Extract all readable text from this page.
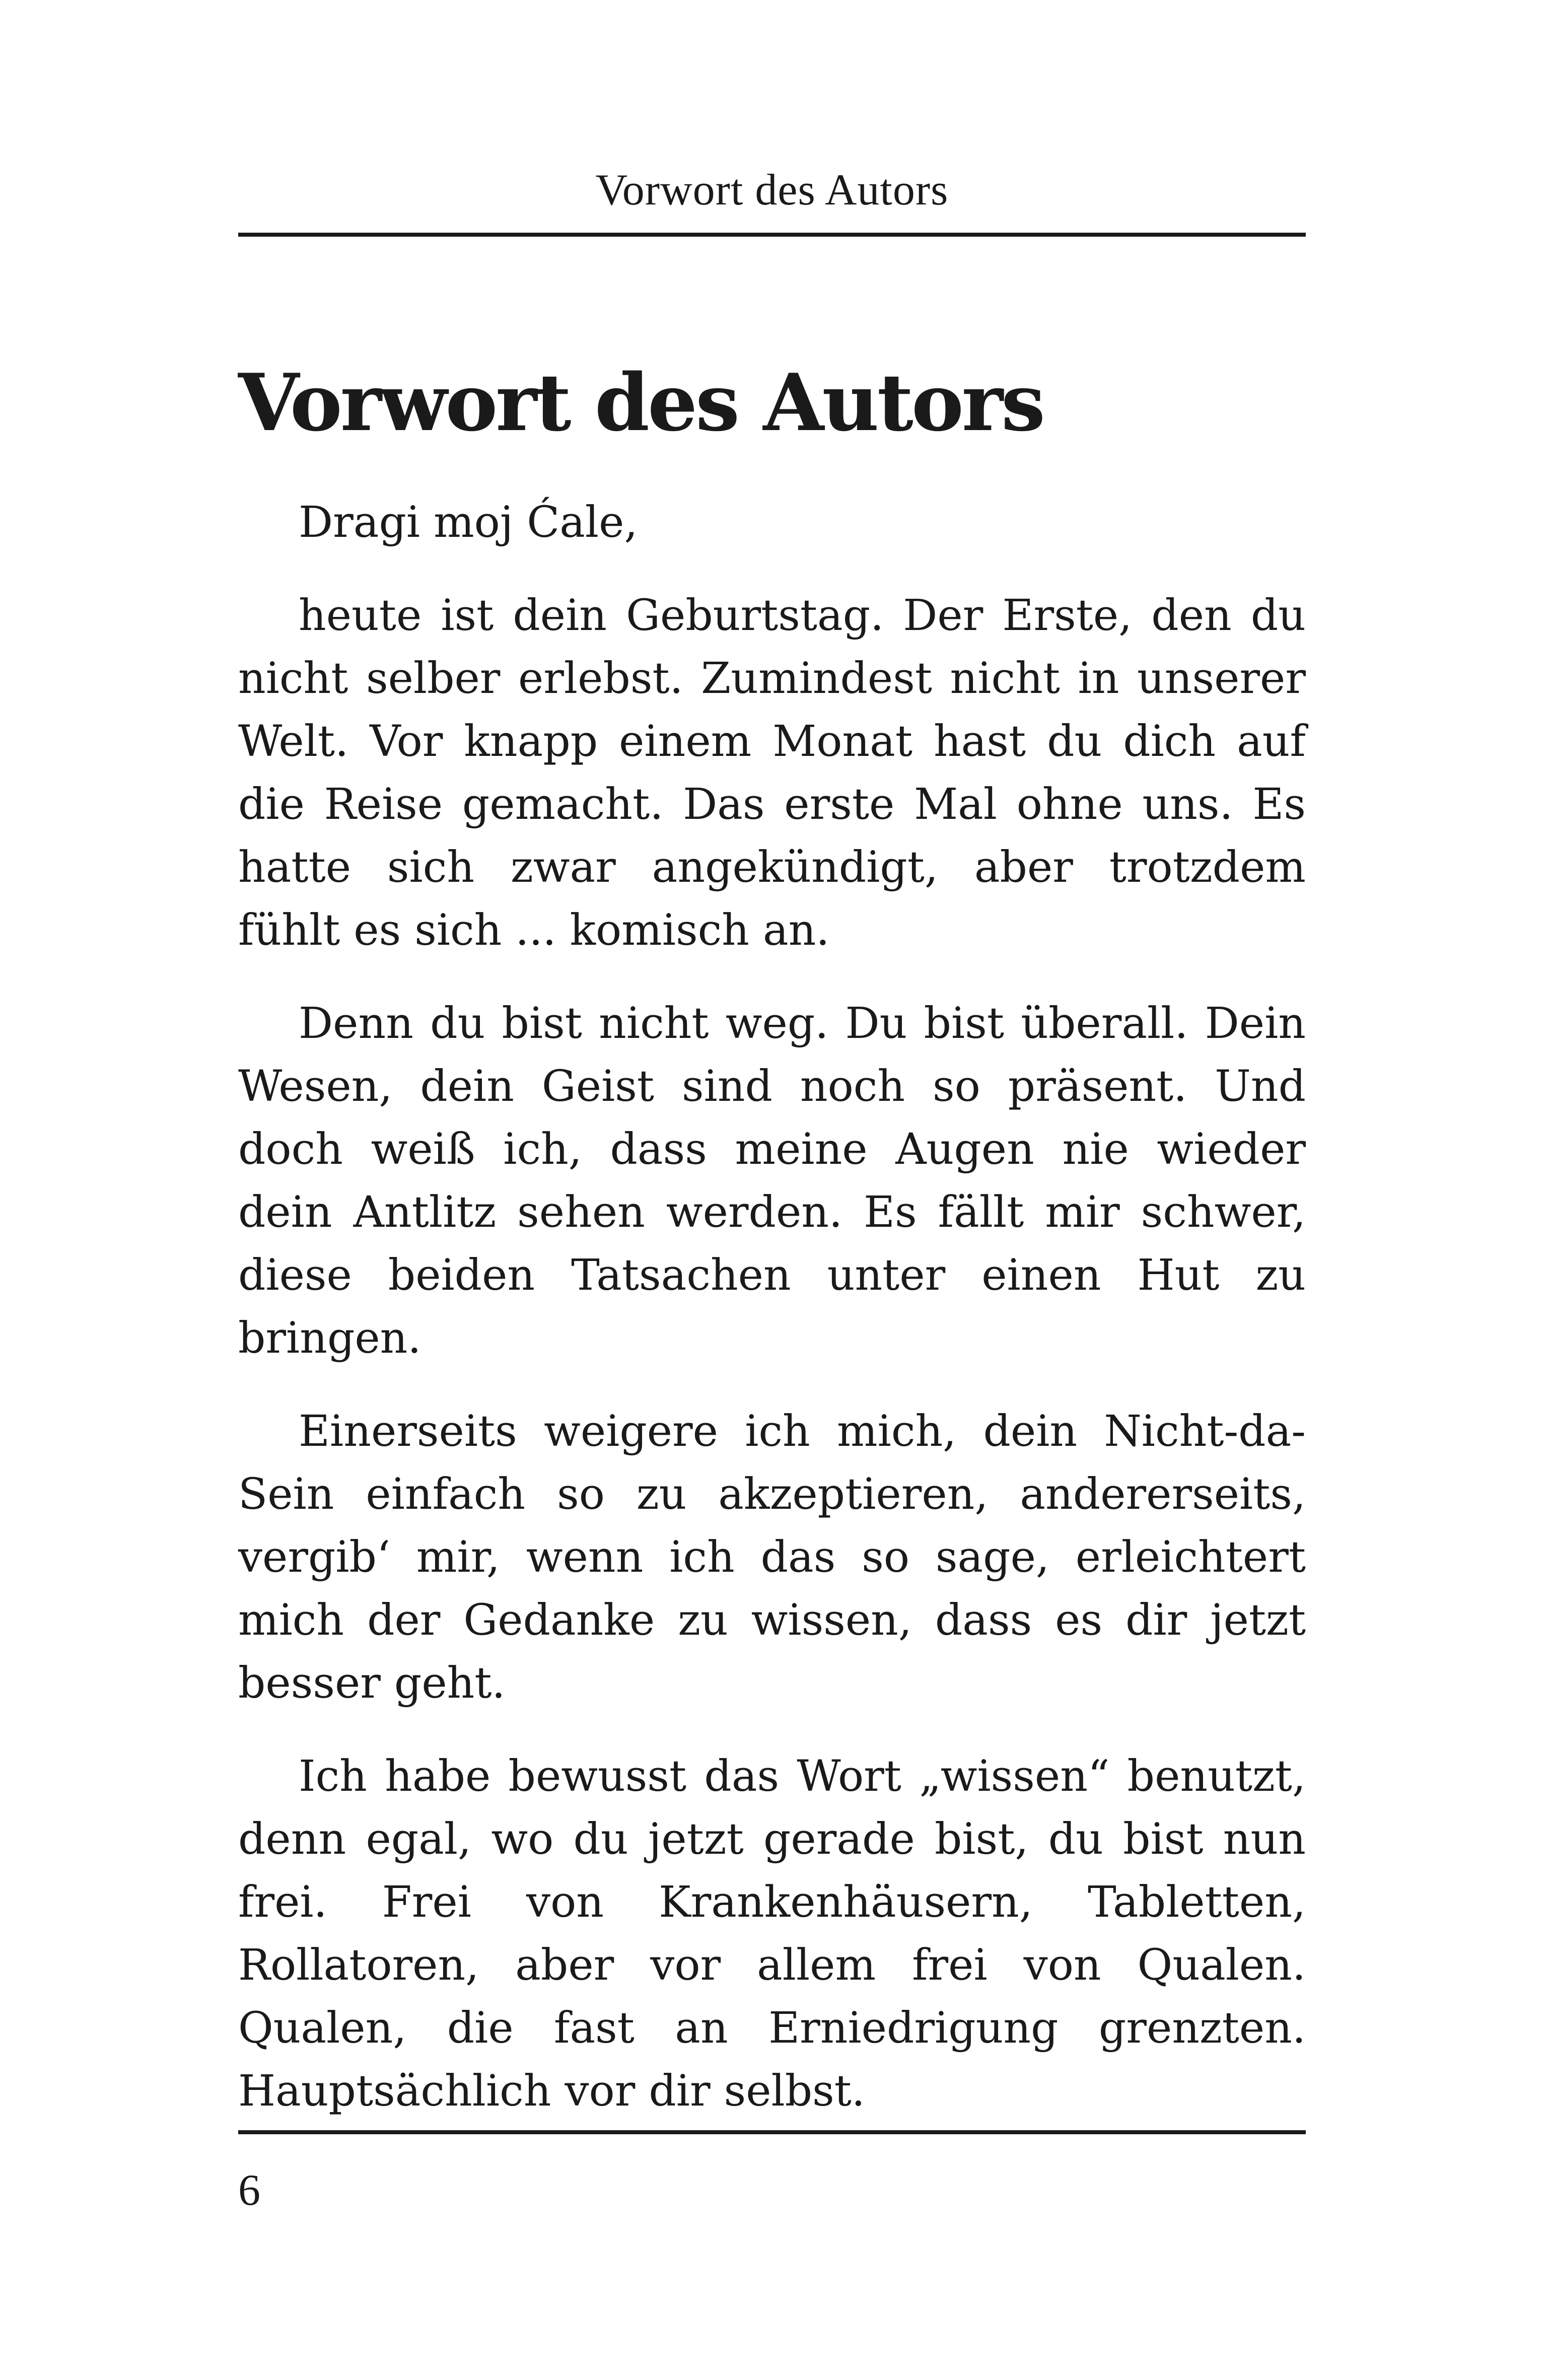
Vorwort des Autors
Vorwort des Autors

Dragi moj Ćale,

heute ist dein Geburtstag. Der Erste, den du nicht selber erlebst. Zumindest nicht in unserer Welt. Vor knapp einem Monat hast du dich auf die Reise gemacht. Das erste Mal ohne uns. Es hatte sich zwar angekündigt, aber trotzdem fühlt es sich ... komisch an.

Denn du bist nicht weg. Du bist überall. Dein Wesen, dein Geist sind noch so präsent. Und doch weiß ich, dass meine Augen nie wieder dein Antlitz sehen werden. Es fällt mir schwer, diese beiden Tatsachen unter einen Hut zu bringen.

Einerseits weigere ich mich, dein Nicht-da-Sein einfach so zu akzeptieren, andererseits, vergib‘ mir, wenn ich das so sage, erleichtert mich der Gedanke zu wissen, dass es dir jetzt besser geht.

Ich habe bewusst das Wort „wissen“ benutzt, denn egal, wo du jetzt gerade bist, du bist nun frei. Frei von Krankenhäusern, Tabletten, Rollatoren, aber vor allem frei von Qualen. Qualen, die fast an Erniedrigung grenzten. Hauptsächlich vor dir selbst.

6
